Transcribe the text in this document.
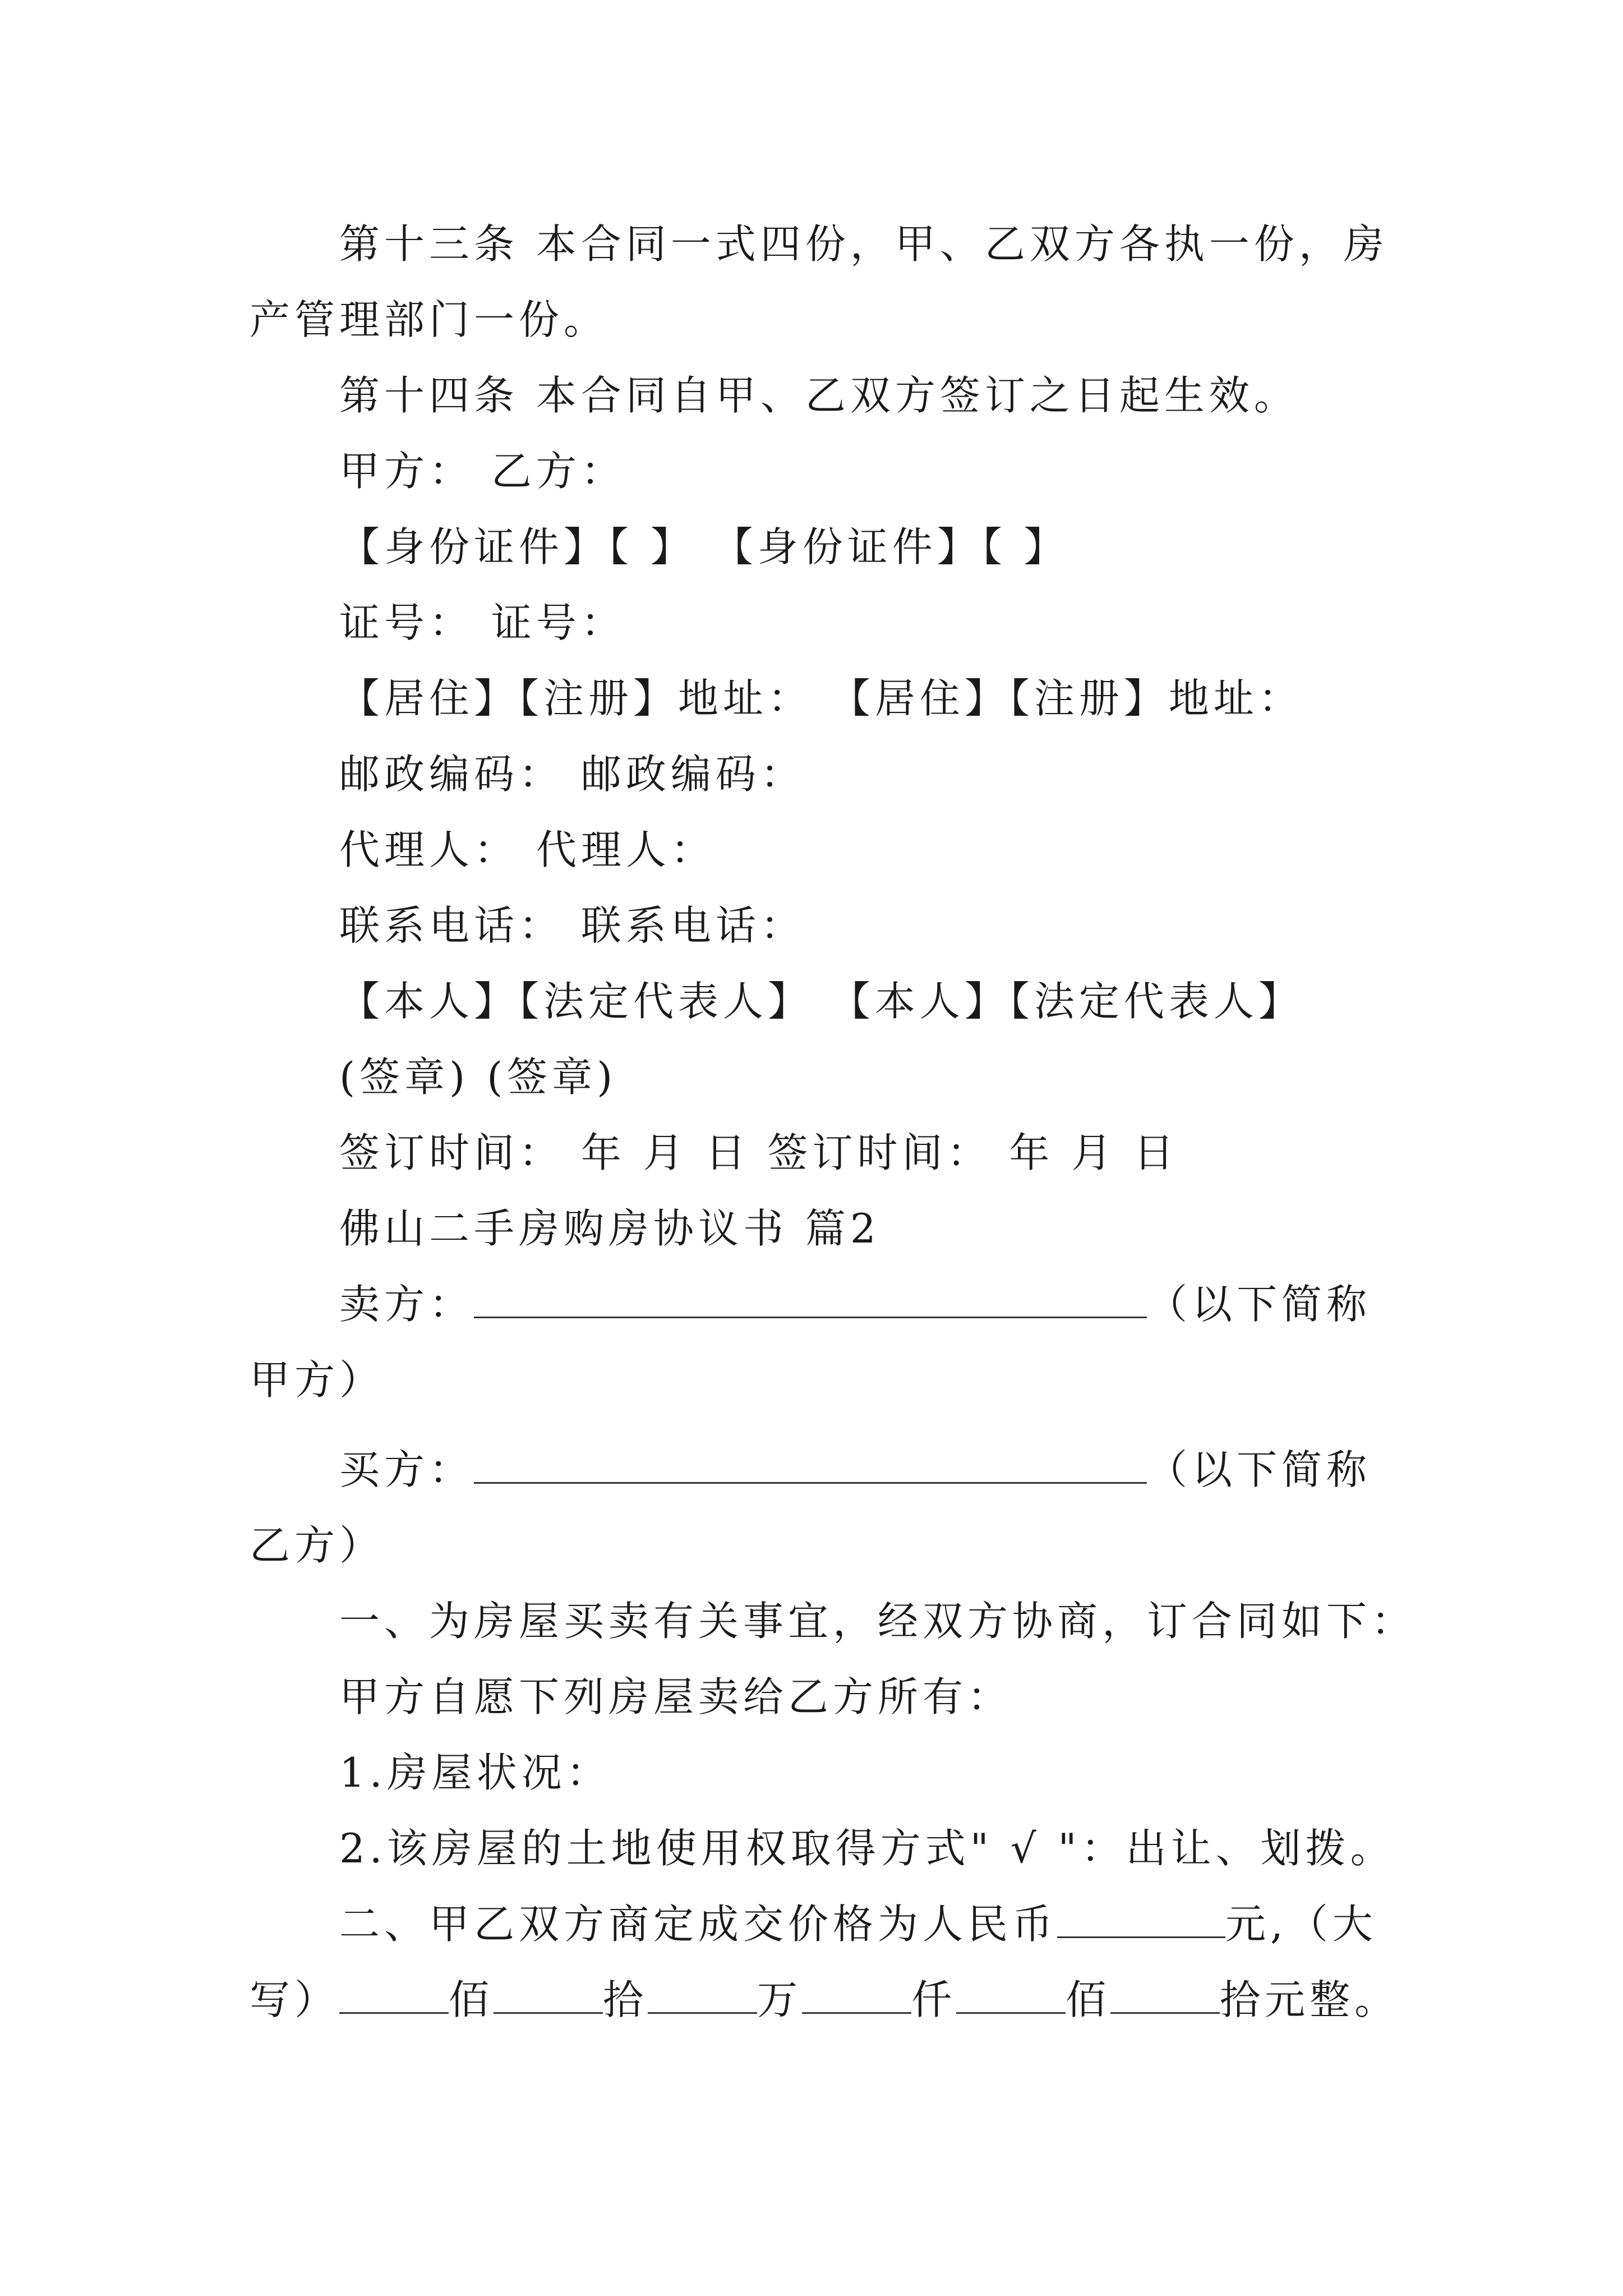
第十三条 本合同一式四份，甲、乙双方各执一份，房
产管理部门一份。
第十四条 本合同自甲、乙双方签订之日起生效。
甲方： 乙方：
【身份证件】【 】 【身份证件】【 】
证号： 证号：
【居住】【注册】地址： 【居住】【注册】地址：
邮政编码： 邮政编码：
代理人： 代理人：
联系电话： 联系电话：
【本人】【法定代表人】 【本人】【法定代表人】
(签章) (签章)
签订时间： 年 月 日 签订时间： 年 月 日
佛山二手房购房协议书 篇2
卖方：	（以下简称
甲方）
买方：	（以下简称
乙方）
一、为房屋买卖有关事宜，经双方协商，订合同如下：
甲方自愿下列房屋卖给乙方所有：
1.房屋状况：
2.该房屋的土地使用权取得方式" √ "：出让、划拨。
二、甲乙双方商定成交价格为人民币	元,（大
写）	佰	拾	万	仟	佰	拾元整。
